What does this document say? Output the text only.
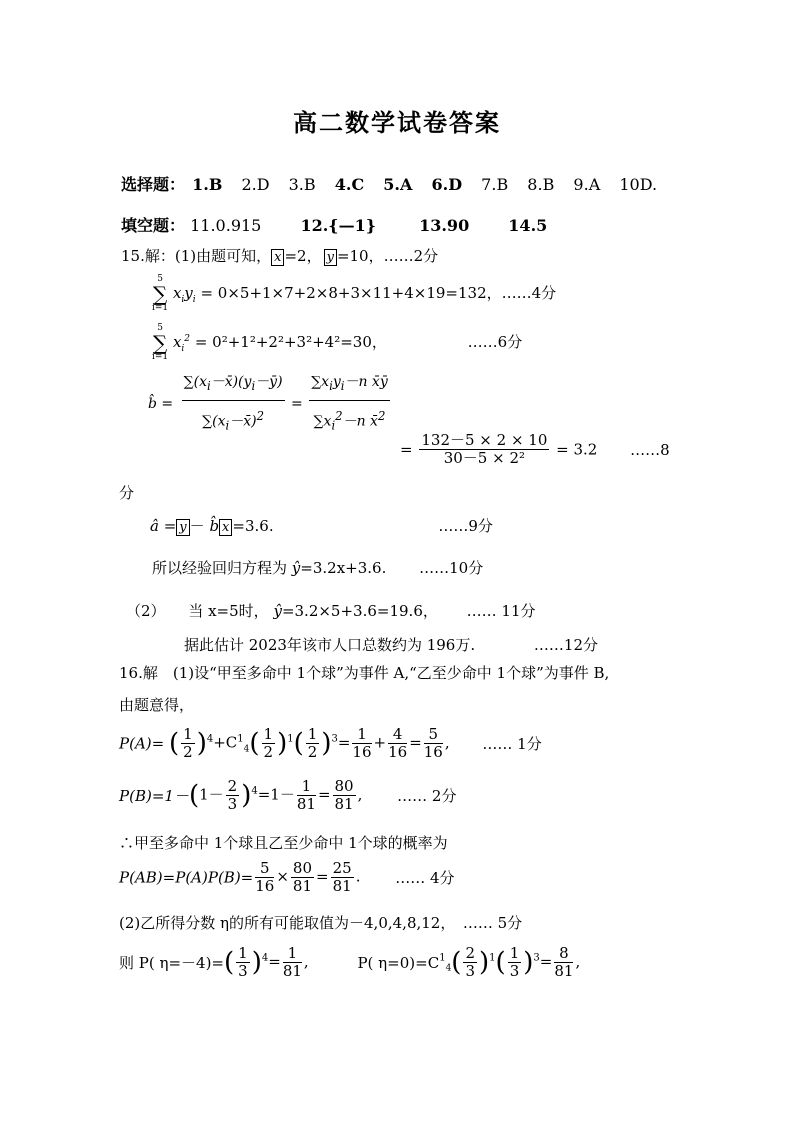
高二数学试卷答案
选择题： 1.B 2.D 3.B 4.C 5.A 6.D 7.B 8.B 9.A 10D.
填空题： 11.0.915 12.{—1}	13.90 14.5
15.解：(1)由题可知， x =2， y =10，……2分
5
∑
i=1
$x_iy_i = 0\times 5+1\times 7+2\times 8+3\times 11+4\times 19=132$，……4分
5
∑
i=1
$x_i^2 = 0^2+1^2+2^2+3^2+4^2=30$，	……6分
b̂ = $\frac{\sum(x_i-x̄)(y_i-ȳ)}{\sum(x_i-x̄)^2} = \frac{\sum x_iy_i-n x̄ȳ}{\sum x_i^2-n x̄^2}$
= $\frac{132-5 \times 2 \times 10}{\text{30－5 × 2²}} = 3.2$ ……8
分
â = y － b̂ x =3.6.	……9分
所以经验回归方程为 ŷ=3.2x+3.6. ……10分
（2） 当 x=5时， ŷ=3.2×5+3.6=19.6， …… 11分
据此估计 2023年该市人口总数约为 196万.	……12分
16.解　(1)设“甲至多命中 1个球”为事件 A,“乙至少命中 1个球”为事件 B,
由题意得，
P(A)= ( $\frac{1}{2} )^4+C^1_4( \frac{1}{2} )^1( \frac{1}{2} )^3= \frac{1}{16} + \frac{4}{16} = \frac{5}{16}$ , …… 1分
$P(B)=1-(1- \frac{2}{3} )^4=1- \frac{1}{81} = \frac{80}{81}$ , …… 2分
∴甲至多命中 1个球且乙至少命中 1个球的概率为
$P(AB)=P(A)P(B)= \frac{5}{16} \times \frac{80}{81} = \frac{25}{81}$ . …… 4分
(2)乙所得分数 η的所有可能取值为－4,0,4,8,12，　…… 5分
则 P( $\eta=-4)=( \frac{1}{3} )^4= \frac{1}{81}$ ,	P( $\eta=0)=C^1_4( \frac{2}{3} )^1( \frac{1}{3} )^3= \frac{8}{81}$ ,
